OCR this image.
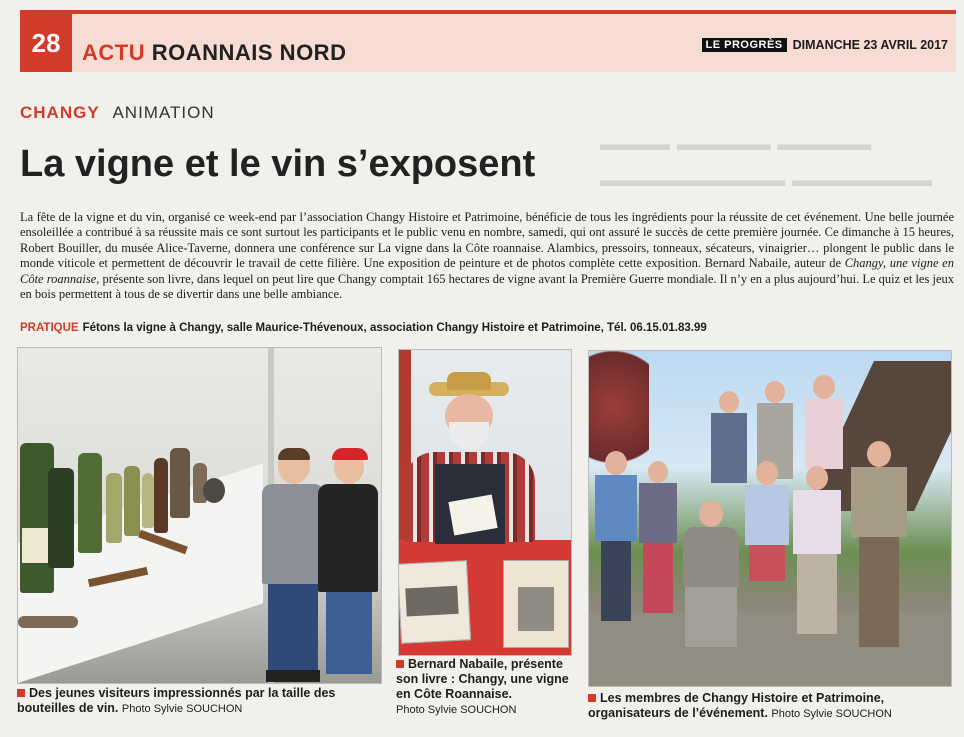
28 ACTU ROANNAIS NORD	LE PROGRÈS DIMANCHE 23 AVRIL 2017
▁▁▁ ▁▁▁▁ ▁▁▁▁
▁▁▁▁▁▁▁▁ ▁▁▁▁▁▁
CHANGY ANIMATION
La vigne et le vin s’exposent

La fête de la vigne et du vin, organisé ce week-end par l’association Changy Histoire et Patrimoine, bénéficie de tous les ingrédients pour la réussite de cet événement. Une belle journée ensoleillée a contribué à sa réussite mais ce sont surtout les participants et le public venu en nombre, samedi, qui ont assuré le succès de cette première journée. Ce dimanche à 15 heures, Robert Bouiller, du musée Alice-Taverne, donnera une conférence sur La vigne dans la Côte roannaise. Alambics, pressoirs, tonneaux, sécateurs, vinaigrier… plongent le public dans le monde viticole et permettent de découvrir le travail de cette filière. Une exposition de peinture et de photos complète cette exposition. Bernard Nabaile, auteur de Changy, une vigne en Côte roannaise, présente son livre, dans lequel on peut lire que Changy comptait 165 hectares de vigne avant la Première Guerre mondiale. Il n’y en a plus aujourd’hui. Le quiz et les jeux en bois permettent à tous de se divertir dans une belle ambiance.

PRATIQUE Fétons la vigne à Changy, salle Maurice-Thévenoux, association Changy Histoire et Patrimoine, Tél. 06.15.01.83.99

Des jeunes visiteurs impressionnés par la taille des bouteilles de vin. Photo Sylvie SOUCHON

Bernard Nabaile, présente son livre : Changy, une vigne en Côte Roannaise.
Photo Sylvie SOUCHON

Les membres de Changy Histoire et Patrimoine, organisateurs de l’événement. Photo Sylvie SOUCHON
